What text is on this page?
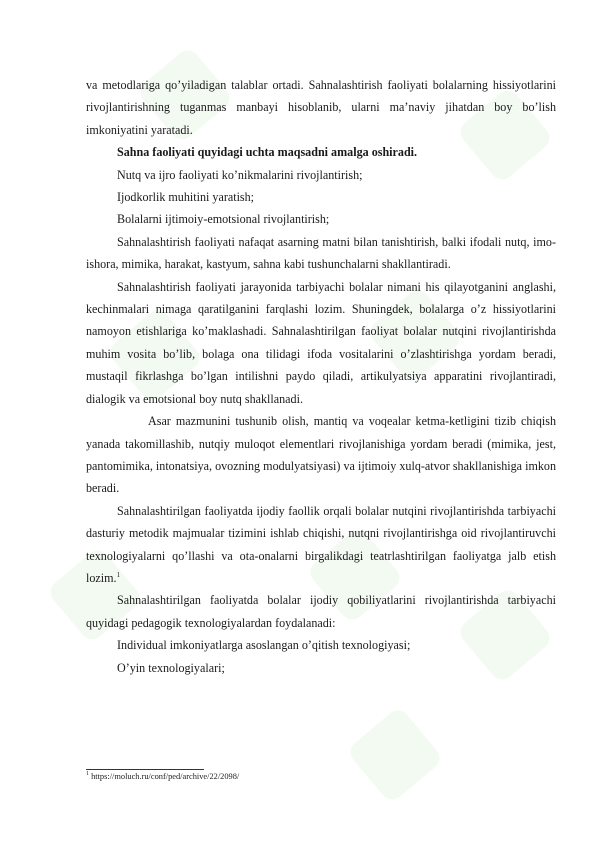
va metodlariga qo’yiladigan talablar ortadi. Sahnalashtirish faoliyati bolalarning hissiyotlarini rivojlantirishning tuganmas manbayi hisoblanib, ularni ma’naviy jihatdan boy bo’lish imkoniyatini yaratadi.

Sahna faoliyati quyidagi uchta maqsadni amalga oshiradi.

Nutq va ijro faoliyati ko’nikmalarini rivojlantirish;

Ijodkorlik muhitini yaratish;

Bolalarni ijtimoiy-emotsional rivojlantirish;

Sahnalashtirish faoliyati nafaqat asarning matni bilan tanishtirish, balki ifodali nutq, imo-ishora, mimika, harakat, kastyum, sahna kabi tushunchalarni shakllantiradi.

Sahnalashtirish faoliyati jarayonida tarbiyachi bolalar nimani his qilayotganini anglashi, kechinmalari nimaga qaratilganini farqlashi lozim. Shuningdek, bolalarga o’z hissiyotlarini namoyon etishlariga ko’maklashadi. Sahnalashtirilgan faoliyat bolalar nutqini rivojlantirishda muhim vosita bo’lib, bolaga ona tilidagi ifoda vositalarini o’zlashtirishga yordam beradi, mustaqil fikrlashga bo’lgan intilishni paydo qiladi, artikulyatsiya apparatini rivojlantiradi, dialogik va emotsional boy nutq shakllanadi.

Asar mazmunini tushunib olish, mantiq va voqealar ketma-ketligini tizib chiqish yanada takomillashib, nutqiy muloqot elementlari rivojlanishiga yordam beradi (mimika, jest, pantomimika, intonatsiya, ovozning modulyatsiyasi) va ijtimoiy xulq-atvor shakllanishiga imkon beradi.

Sahnalashtirilgan faoliyatda ijodiy faollik orqali bolalar nutqini rivojlantirishda tarbiyachi dasturiy metodik majmualar tizimini ishlab chiqishi, nutqni rivojlantirishga oid rivojlantiruvchi texnologiyalarni qo’llashi va ota-onalarni birgalikdagi teatrlashtirilgan faoliyatga jalb etish lozim.$^1$

Sahnalashtirilgan faoliyatda bolalar ijodiy qobiliyatlarini rivojlantirishda tarbiyachi quyidagi pedagogik texnologiyalardan foydalanadi:

Individual imkoniyatlarga asoslangan o’qitish texnologiyasi;

O’yin texnologiyalari;

$^1$ https://moluch.ru/conf/ped/archive/22/2098/
